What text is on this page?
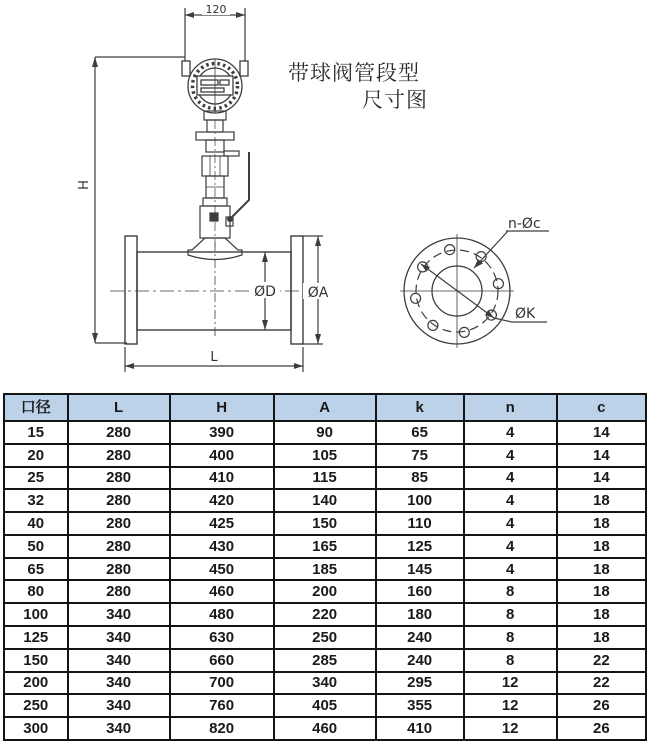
120
H
ØD ØA
L
n-Øc
ØK
带球阀管段型
尺寸图
口径	L	H	A	k	n	c
15	280	390	90	65	4	14
20	280	400	105	75	4	14
25	280	410	115	85	4	14
32	280	420	140	100	4	18
40	280	425	150	110	4	18
50	280	430	165	125	4	18
65	280	450	185	145	4	18
80	280	460	200	160	8	18
100	340	480	220	180	8	18
125	340	630	250	240	8	18
150	340	660	285	240	8	22
200	340	700	340	295	12	22
250	340	760	405	355	12	26
300	340	820	460	410	12	26
